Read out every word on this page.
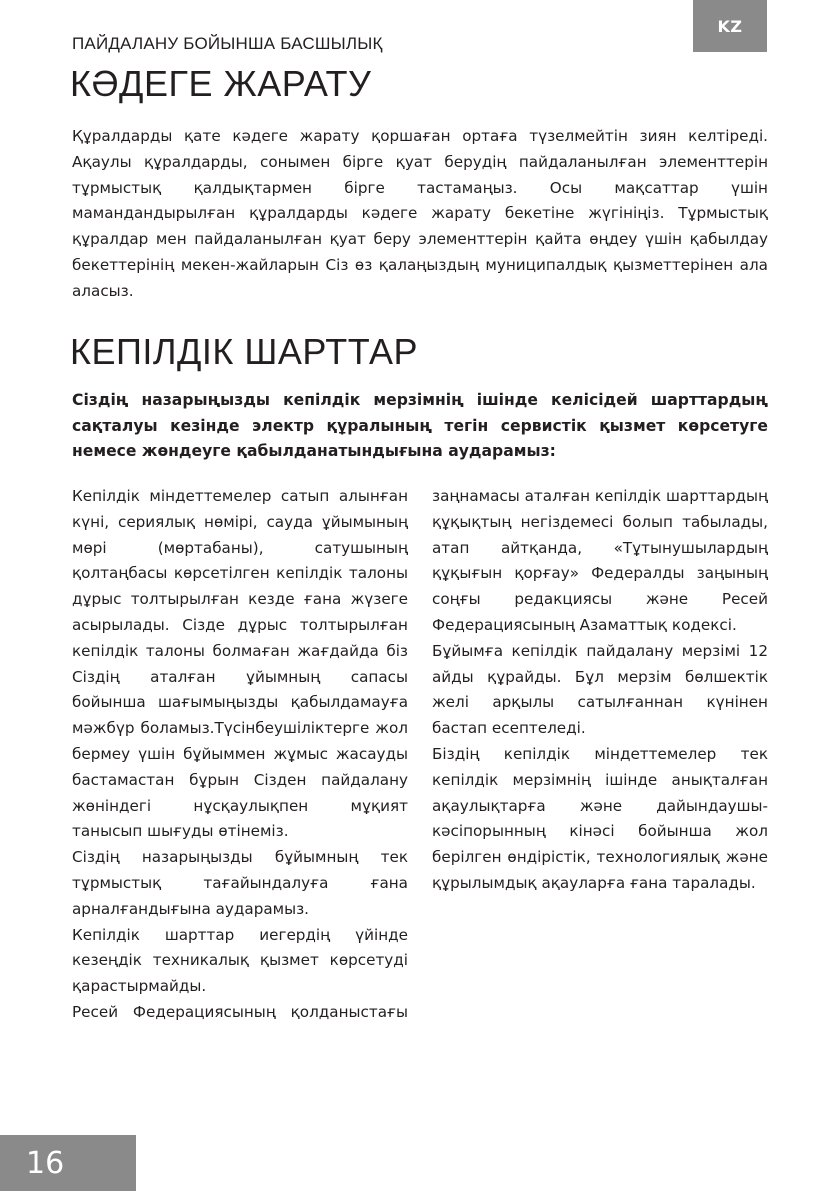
KZ
ПАЙДАЛАНУ БОЙЫНША БАСШЫЛЫҚ
КӘДЕГЕ ЖАРАТУ

Құралдарды қате кәдеге жарату қоршаған ортаға түзелмейтін зиян келтіреді. Ақаулы құралдарды, сонымен бірге қуат берудің пайдаланылған элементтерін тұрмыстық қалдықтармен бірге тастамаңыз. Осы мақсаттар үшін мамандандырылған құралдарды кәдеге жарату бекетіне жүгініңіз. Тұрмыстық құралдар мен пайдаланылған қуат беру элементтерін қайта өңдеу үшін қабылдау бекеттерінің мекен-жайларын Сіз өз қалаңыздың муниципалдық қызметтерінен ала аласыз.

КЕПІЛДІК ШАРТТАР

Сіздің назарыңызды кепілдік мерзімнің ішінде келісідей шарттардың сақталуы кезінде электр құралының тегін сервистік қызмет көрсетуге немесе жөндеуге қабылданатындығына аударамыз:

Кепілдік міндеттемелер сатып алынған күні, сериялық нөмірі, сауда ұйымының мөрі (мөртабаны), сатушының қолтаңбасы көрсетілген кепілдік талоны дұрыс толтырылған кезде ғана жүзеге асырылады. Сізде дұрыс толтырылған кепілдік талоны болмаған жағдайда біз Сіздің аталған ұйымның сапасы бойынша шағымыңызды қабылдамауға мәжбүр боламыз.Түсінбеушіліктерге жол бермеу үшін бұйыммен жұмыс жасауды бастамастан бұрын Сізден пайдалану жөніндегі нұсқаулықпен мұқият танысып шығуды өтінеміз.

Сіздің назарыңызды бұйымның тек тұрмыстық тағайындалуға ғана арналғандығына аударамыз.

Кепілдік шарттар иегердің үйінде кезеңдік техникалық қызмет көрсетуді қарастырмайды.

Ресей Федерациясының қолданыстағы

заңнамасы аталған кепілдік шарттардың құқықтың негіздемесі болып табылады, атап айтқанда, «Тұтынушылардың құқығын қорғау» Федералды заңының соңғы редакциясы және Ресей Федерациясының Азаматтық кодексі.

Бұйымға кепілдік пайдалану мерзімі 12 айды құрайды. Бұл мерзім бөлшектік желі арқылы сатылғаннан күнінен бастап есептеледі.

Біздің кепілдік міндеттемелер тек кепілдік мерзімнің ішінде анықталған ақаулықтарға және дайындаушы-кәсіпорынның кінәсі бойынша жол берілген өндірістік, технологиялық және құрылымдық ақауларға ғана таралады.

16
